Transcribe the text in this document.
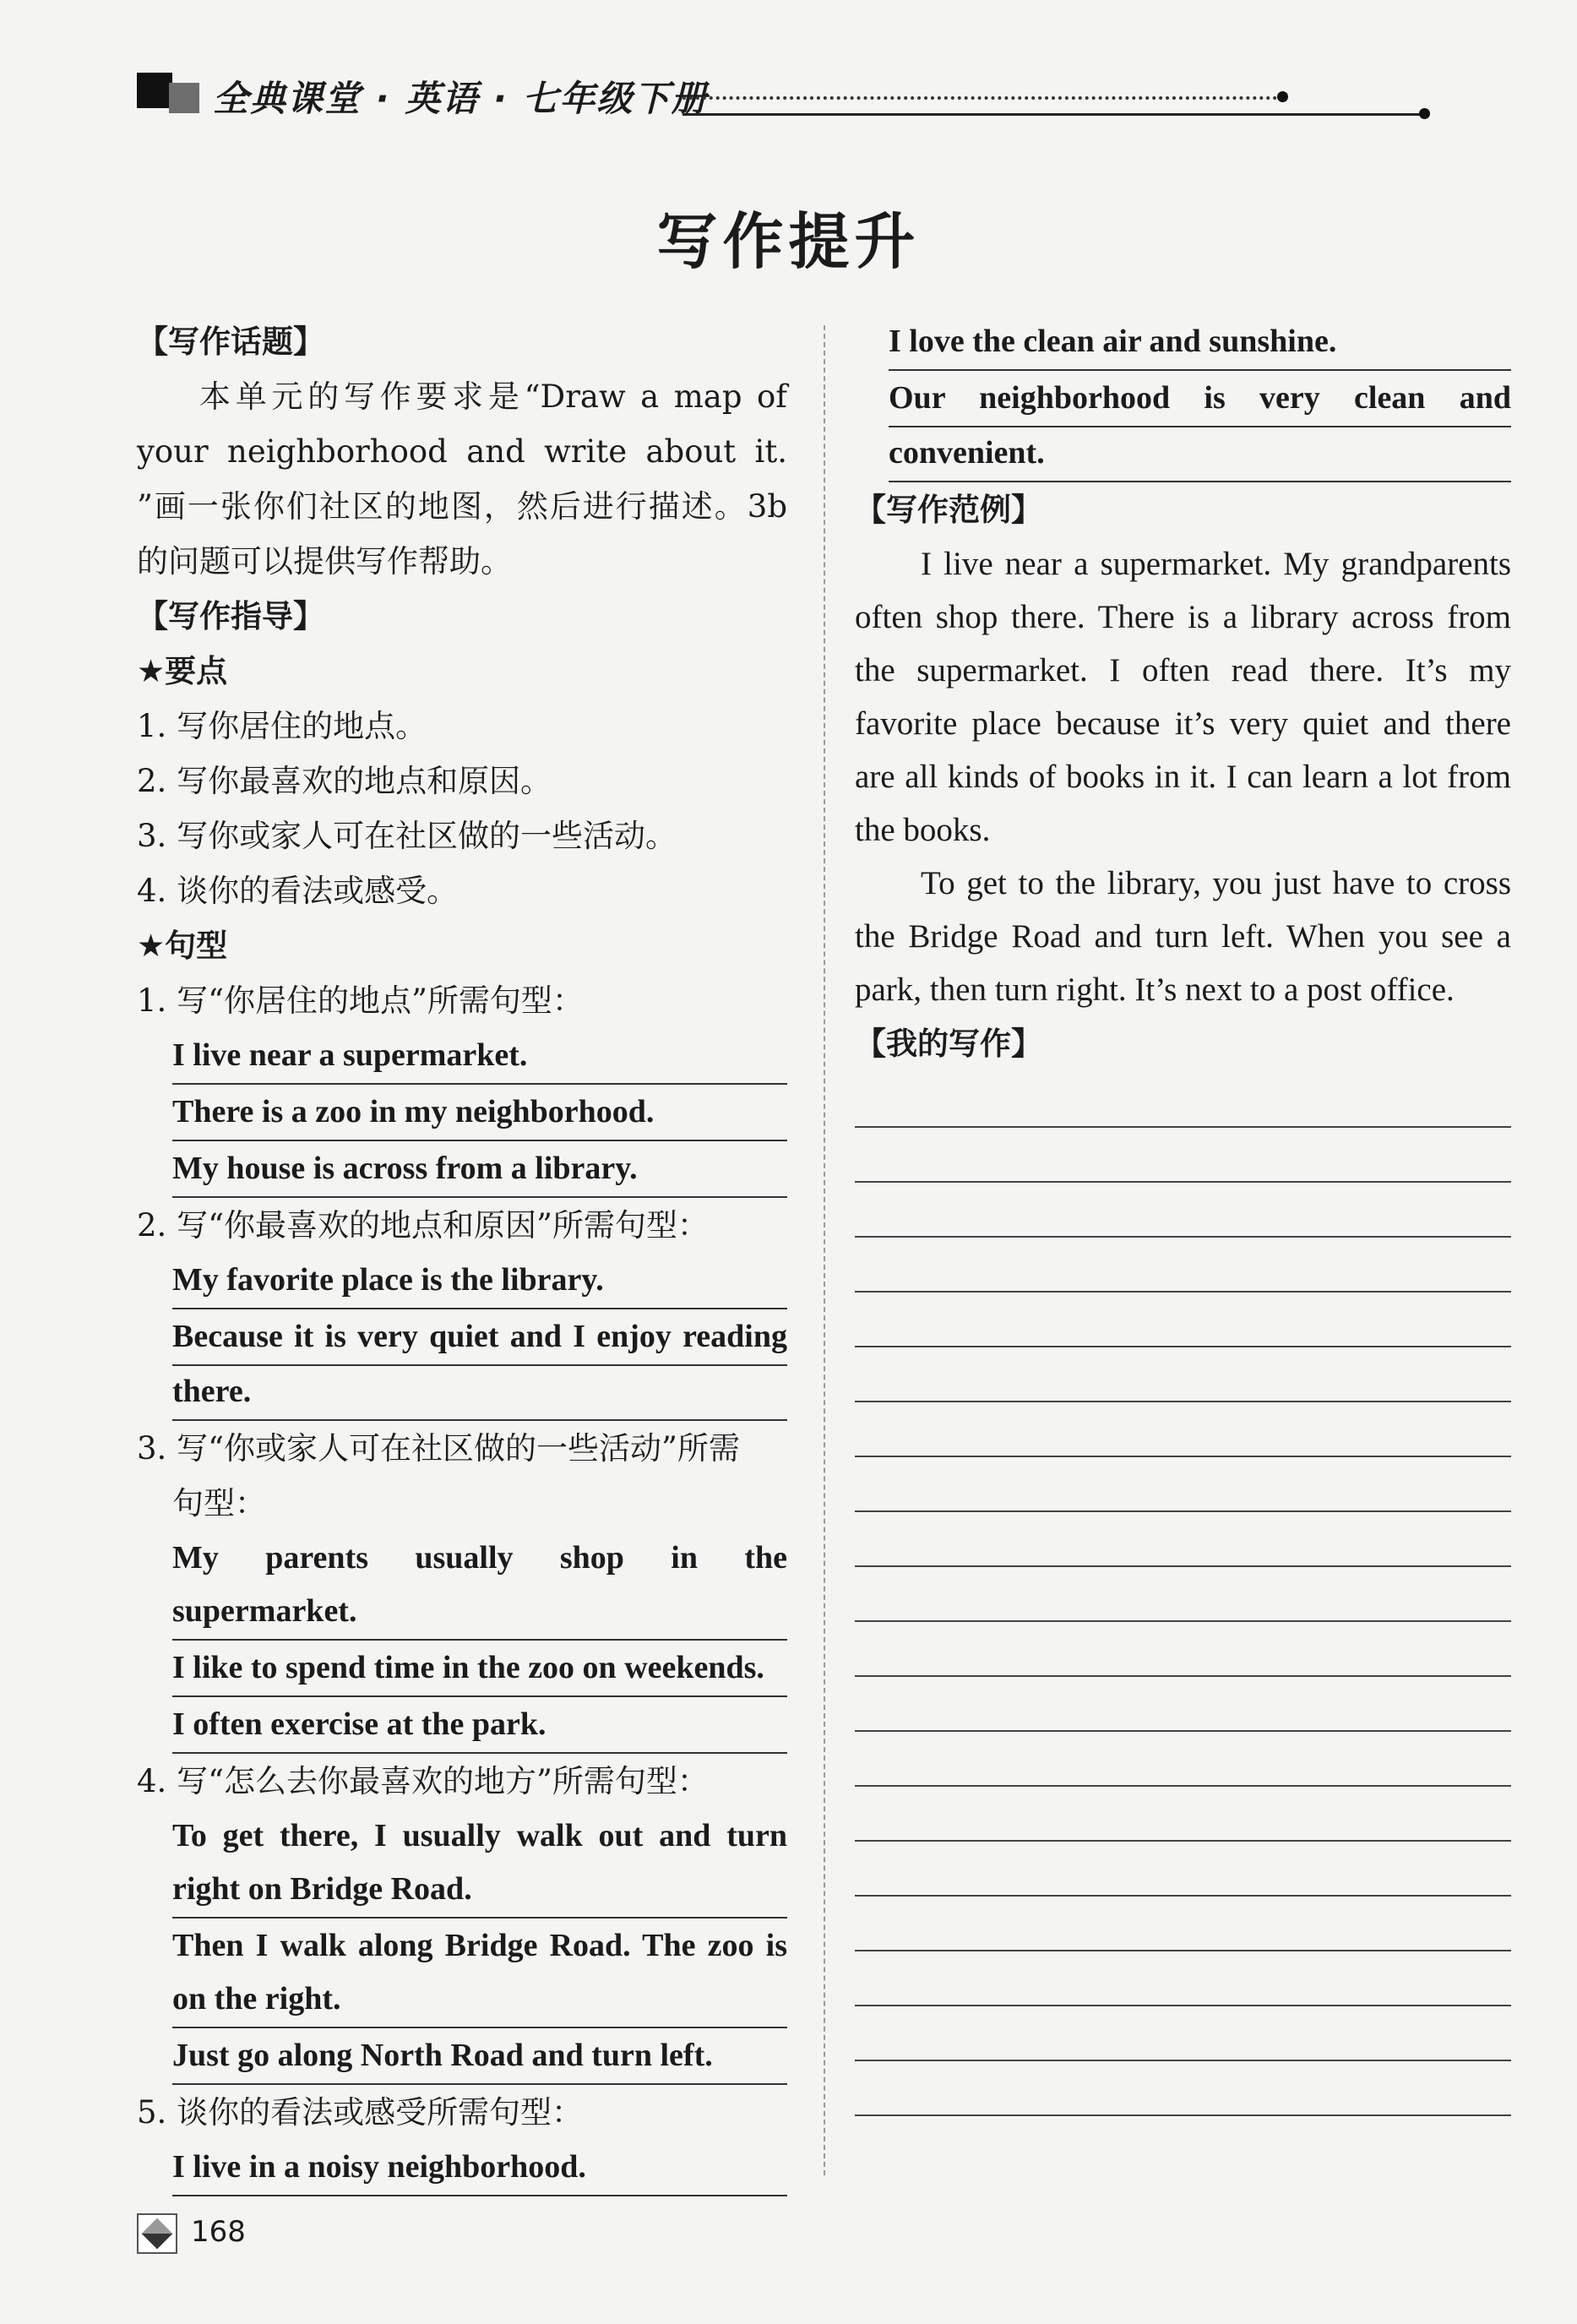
全典课堂 · 英语 · 七年级下册
写作提升
【写作话题】
本单元的写作要求是“Draw a map of your neighborhood and write about it. ”画一张你们社区的地图，然后进行描述。3b 的问题可以提供写作帮助。
【写作指导】
★要点
1. 写你居住的地点。
2. 写你最喜欢的地点和原因。
3. 写你或家人可在社区做的一些活动。
4. 谈你的看法或感受。
★句型
1. 写“你居住的地点”所需句型：
I live near a supermarket.
There is a zoo in my neighborhood.
My house is across from a library.
2. 写“你最喜欢的地点和原因”所需句型：
My favorite place is the library.
Because it is very quiet and I enjoy reading
there.
3. 写“你或家人可在社区做的一些活动”所需
句型：
My parents usually shop in the
supermarket.
I like to spend time in the zoo on weekends.
I often exercise at the park.
4. 写“怎么去你最喜欢的地方”所需句型：
To get there, I usually walk out and turn
right on Bridge Road.
Then I walk along Bridge Road. The zoo is
on the right.
Just go along North Road and turn left.
5. 谈你的看法或感受所需句型：
I live in a noisy neighborhood.
I love the clean air and sunshine.
Our neighborhood is very clean and
convenient.
【写作范例】
I live near a supermarket. My grandparents often shop there. There is a library across from the supermarket. I often read there. It’s my favorite place because it’s very quiet and there are all kinds of books in it. I can learn a lot from the books.
To get to the library, you just have to cross the Bridge Road and turn left. When you see a park, then turn right. It’s next to a post office.
【我的写作】
168
